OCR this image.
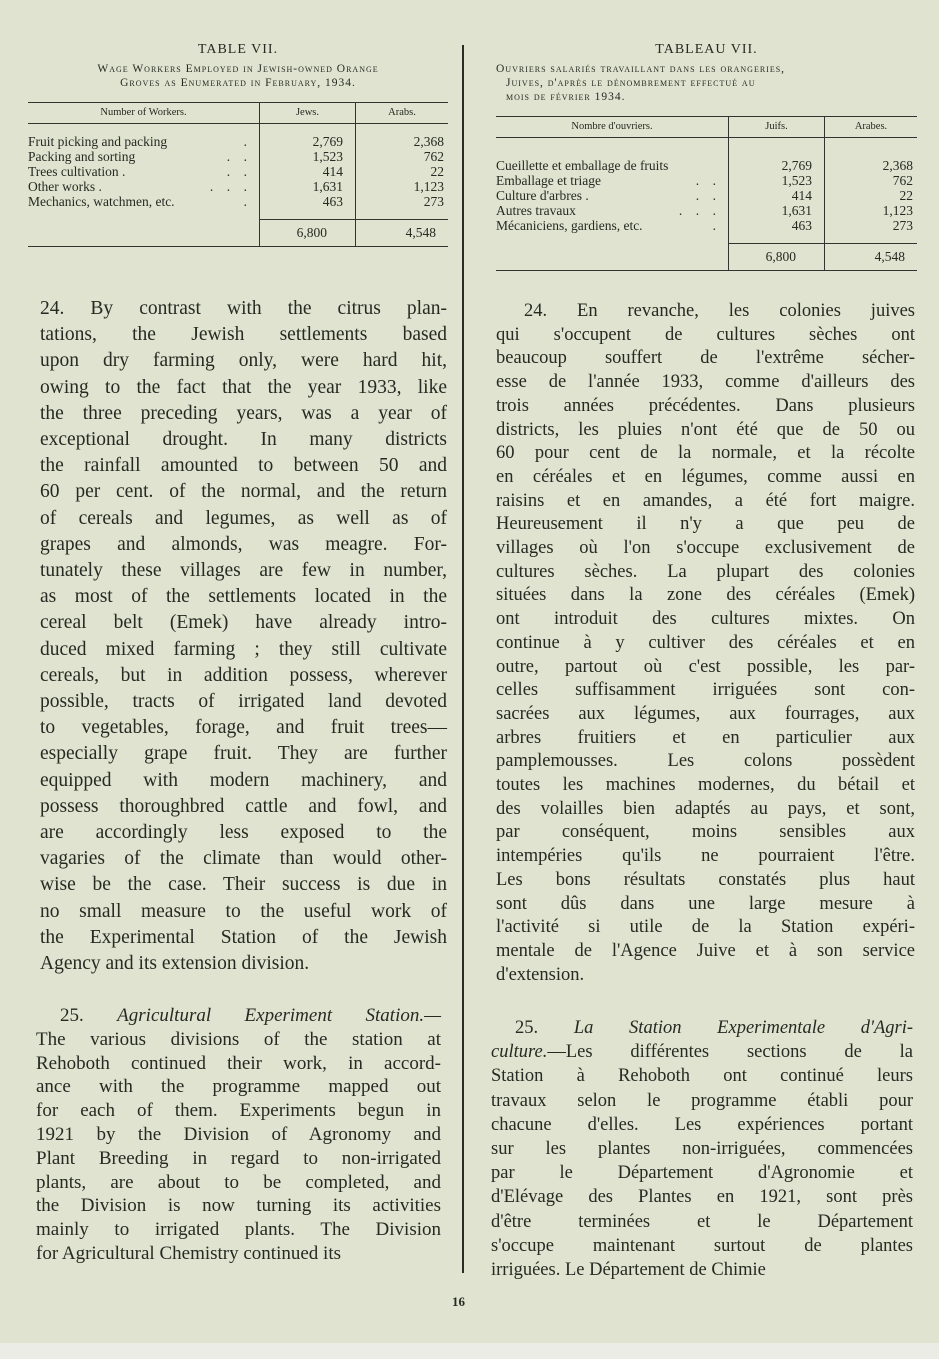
TABLE VII.
Wage Workers Employed in Jewish-owned Orange
Groves as Enumerated in February, 1934.
Number of Workers.	Jews.	Arabs.

Fruit picking and packing .	2,769	2,368
Packing and sorting .    .	1,523	762
Trees cultivation . .    .	414	22
Other works . .    .    .	1,631	1,123
Mechanics, watchmen, etc. .	463	273

	6,800	4,548
TABLEAU VII.
Ouvriers salariés travaillant dans les orangeries,
Juives, d'après le dénombrement effectué au
mois de février 1934.
Nombre d'ouvriers.	Juifs.	Arabes.

Cueillette et emballage de fruits	2,769	2,368
Emballage et triage .    .	1,523	762
Culture d'arbres . .    .	414	22
Autres travaux .    .    .	1,631	1,123
Mécaniciens, gardiens, etc. .	463	273

	6,800	4,548
24. By contrast with the citrus plan-
tations, the Jewish settlements based
upon dry farming only, were hard hit,
owing to the fact that the year 1933, like
the three preceding years, was a year of
exceptional drought. In many districts
the rainfall amounted to between 50 and
60 per cent. of the normal, and the return
of cereals and legumes, as well as of
grapes and almonds, was meagre. For-
tunately these villages are few in number,
as most of the settlements located in the
cereal belt (Emek) have already intro-
duced mixed farming ; they still cultivate
cereals, but in addition possess, wherever
possible, tracts of irrigated land devoted
to vegetables, forage, and fruit trees—
especially grape fruit. They are further
equipped with modern machinery, and
possess thoroughbred cattle and fowl, and
are accordingly less exposed to the
vagaries of the climate than would other-
wise be the case. Their success is due in
no small measure to the useful work of
the Experimental Station of the Jewish
Agency and its extension division.
24. En revanche, les colonies juives
qui s'occupent de cultures sèches ont
beaucoup souffert de l'extrême sécher-
esse de l'année 1933, comme d'ailleurs des
trois années précédentes. Dans plusieurs
districts, les pluies n'ont été que de 50 ou
60 pour cent de la normale, et la récolte
en céréales et en légumes, comme aussi en
raisins et en amandes, a été fort maigre.
Heureusement il n'y a que peu de
villages où l'on s'occupe exclusivement de
cultures sèches. La plupart des colonies
situées dans la zone des céréales (Emek)
ont introduit des cultures mixtes. On
continue à y cultiver des céréales et en
outre, partout où c'est possible, les par-
celles suffisamment irriguées sont con-
sacrées aux légumes, aux fourrages, aux
arbres fruitiers et en particulier aux
pamplemousses. Les colons possèdent
toutes les machines modernes, du bétail et
des volailles bien adaptés au pays, et sont,
par conséquent, moins sensibles aux
intempéries qu'ils ne pourraient l'être.
Les bons résultats constatés plus haut
sont dûs dans une large mesure à
l'activité si utile de la Station expéri-
mentale de l'Agence Juive et à son service
d'extension.
25. Agricultural Experiment Station.—
The various divisions of the station at
Rehoboth continued their work, in accord-
ance with the programme mapped out
for each of them. Experiments begun in
1921 by the Division of Agronomy and
Plant Breeding in regard to non-irrigated
plants, are about to be completed, and
the Division is now turning its activities
mainly to irrigated plants. The Division
for Agricultural Chemistry continued its
25. La Station Experimentale d'Agri-
culture.—Les différentes sections de la
Station à Rehoboth ont continué leurs
travaux selon le programme établi pour
chacune d'elles. Les expériences portant
sur les plantes non-irriguées, commencées
par le Département d'Agronomie et
d'Elévage des Plantes en 1921, sont près
d'être terminées et le Département
s'occupe maintenant surtout de plantes
irriguées. Le Département de Chimie
16
